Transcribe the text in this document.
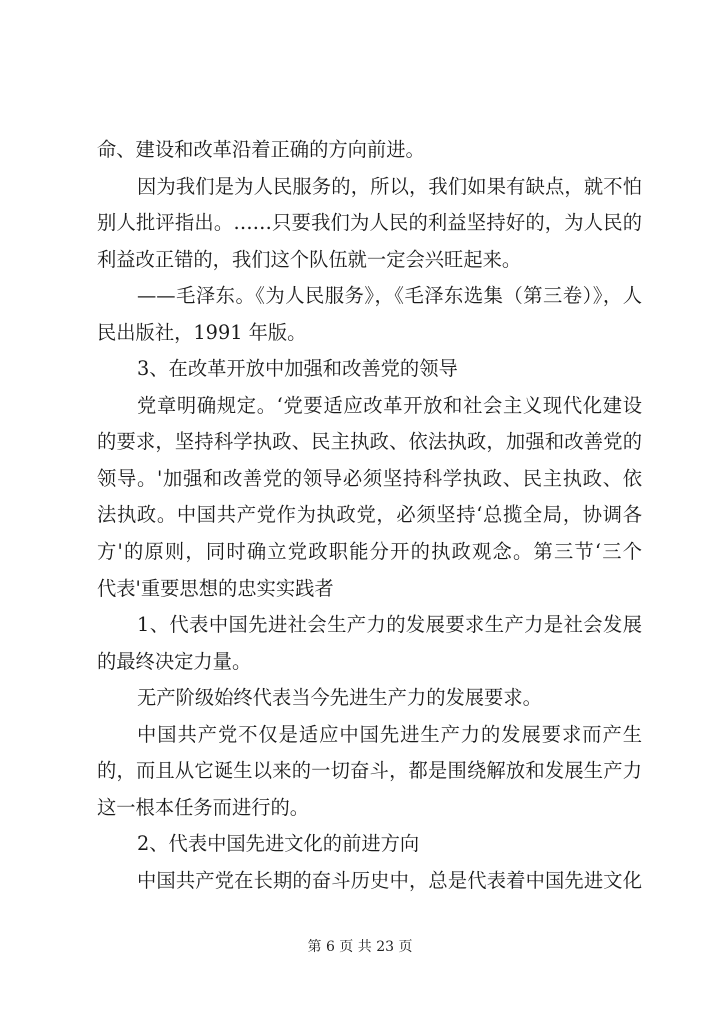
命、建设和改革沿着正确的方向前进。
因为我们是为人民服务的，所以，我们如果有缺点，就不怕
别人批评指出。……只要我们为人民的利益坚持好的，为人民的
利益改正错的，我们这个队伍就一定会兴旺起来。
——毛泽东。《为人民服务》，《毛泽东选集（第三卷）》，人
民出版社，1991 年版。
3、在改革开放中加强和改善党的领导
党章明确规定。‘党要适应改革开放和社会主义现代化建设
的要求，坚持科学执政、民主执政、依法执政，加强和改善党的
领导。'加强和改善党的领导必须坚持科学执政、民主执政、依
法执政。中国共产党作为执政党，必须坚持‘总揽全局，协调各
方'的原则，同时确立党政职能分开的执政观念。第三节‘三个
代表'重要思想的忠实实践者
1、代表中国先进社会生产力的发展要求生产力是社会发展
的最终决定力量。
无产阶级始终代表当今先进生产力的发展要求。
中国共产党不仅是适应中国先进生产力的发展要求而产生
的，而且从它诞生以来的一切奋斗，都是围绕解放和发展生产力
这一根本任务而进行的。
2、代表中国先进文化的前进方向
中国共产党在长期的奋斗历史中，总是代表着中国先进文化
第 6 页 共 23 页
